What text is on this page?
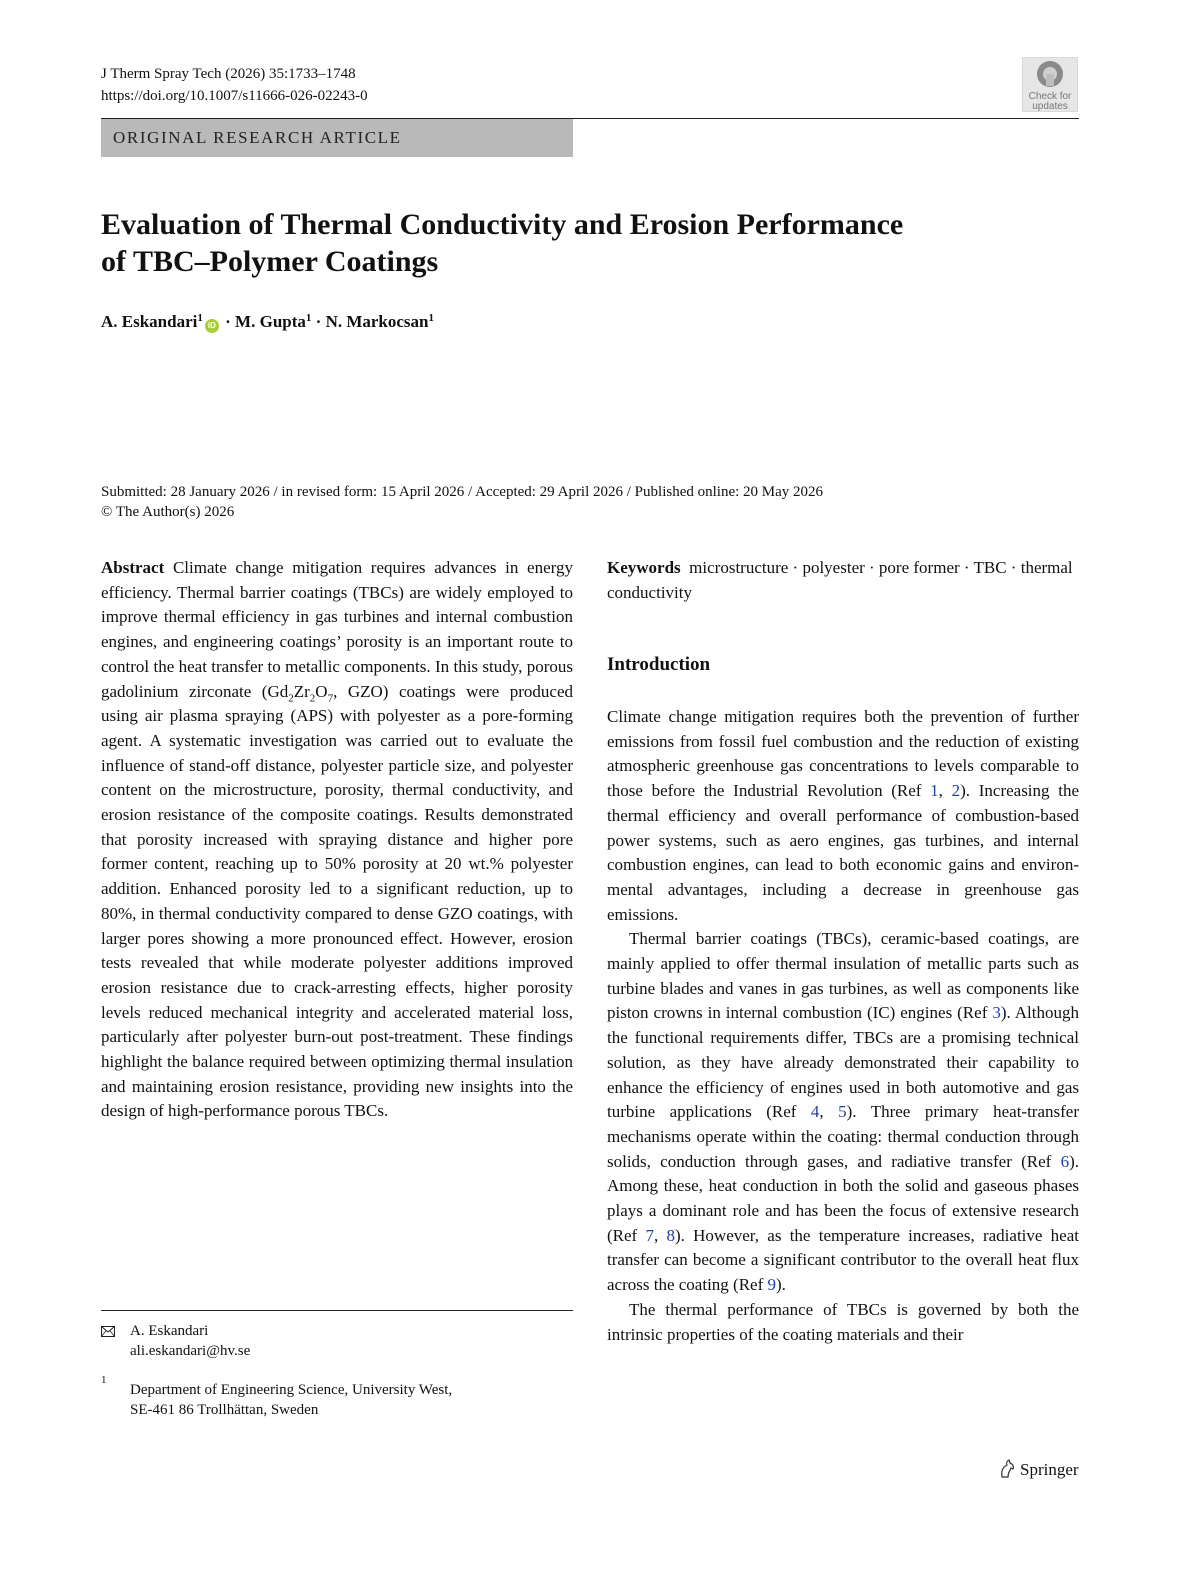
J Therm Spray Tech (2026) 35:1733–1748
https://doi.org/10.1007/s11666-026-02243-0	Check for
updates
ORIGINAL RESEARCH ARTICLE
Evaluation of Thermal Conductivity and Erosion Performance
of TBC–Polymer Coatings
A. Eskandari$^1$iD · M. Gupta$^1$ · N. Markocsan$^1$
Submitted: 28 January 2026 / in revised form: 15 April 2026 / Accepted: 29 April 2026 / Published online: 20 May 2026
© The Author(s) 2026

Abstract Climate change mitigation requires advances in energy efficiency. Thermal barrier coatings (TBCs) are widely employed to improve thermal efficiency in gas turbines and internal combustion engines, and engineering coatings’ porosity is an important route to control the heat transfer to metallic components. In this study, porous gadolinium zirconate ($Gd_2Zr_2O_7$, GZO) coatings were produced using air plasma spraying (APS) with polyester as a pore-forming agent. A systematic investigation was carried out to evaluate the influence of stand-off distance, polyester particle size, and polyester content on the microstructure, porosity, thermal conductivity, and erosion resistance of the composite coatings. Results demonstrated that porosity increased with spraying distance and higher pore former content, reaching up to 50% porosity at 20 wt.% polyester addition. Enhanced porosity led to a significant reduction, up to 80%, in thermal conductivity compared to dense GZO coatings, with larger pores showing a more pronounced effect. However, erosion tests revealed that while moderate polyester additions improved erosion resistance due to crack-arresting effects, higher porosity levels reduced mechanical integrity and accelerated material loss, particularly after polyester burn-out post-treatment. These findings highlight the balance required between optimizing thermal insulation and maintaining erosion resistance, providing new insights into the design of high-performance porous TBCs.

Keywords microstructure · polyester · pore former · TBC · thermal conductivity

Introduction

Climate change mitigation requires both the prevention of further emissions from fossil fuel combustion and the reduction of existing atmospheric greenhouse gas concentrations to levels comparable to those before the Industrial Revolution (Ref 1, 2). Increasing the thermal efficiency and overall performance of combustion-based power systems, such as aero engines, gas turbines, and internal combustion engines, can lead to both economic gains and environmental advantages, including a decrease in greenhouse gas emissions.

Thermal barrier coatings (TBCs), ceramic-based coatings, are mainly applied to offer thermal insulation of metallic parts such as turbine blades and vanes in gas turbines, as well as components like piston crowns in internal combustion (IC) engines (Ref 3). Although the functional requirements differ, TBCs are a promising technical solution, as they have already demonstrated their capability to enhance the efficiency of engines used in both automotive and gas turbine applications (Ref 4, 5). Three primary heat-transfer mechanisms operate within the coating: thermal conduction through solids, conduction through gases, and radiative transfer (Ref 6). Among these, heat conduction in both the solid and gaseous phases plays a dominant role and has been the focus of extensive research (Ref 7, 8). However, as the temperature increases, radiative heat transfer can become a significant contributor to the overall heat flux across the coating (Ref 9).

The thermal performance of TBCs is governed by both the intrinsic properties of the coating materials and their

A. Eskandari
ali.eskandari@hv.se
1
Department of Engineering Science, University West,
SE-461 86 Trollhättan, Sweden
Springer
